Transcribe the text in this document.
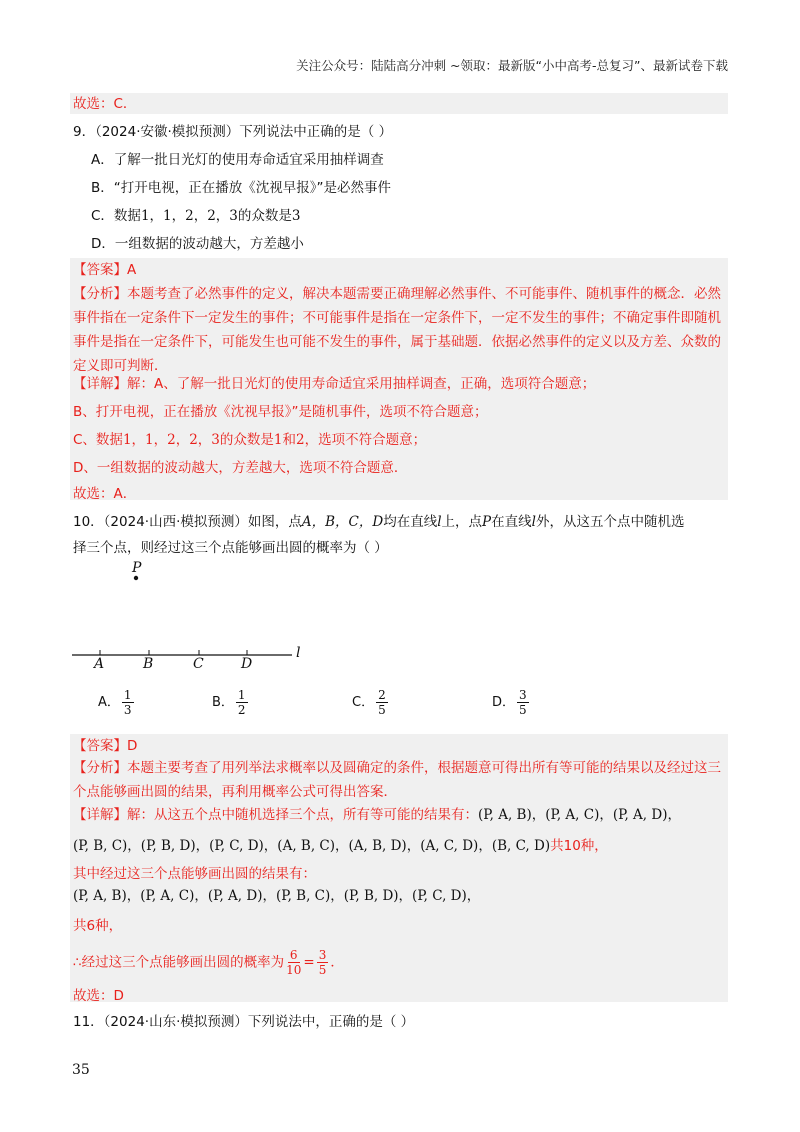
关注公众号：陆陆高分冲刺 ~领取：最新版“小中高考-总复习”、最新试卷下载
故选：C．
9．（2024·安徽·模拟预测）下列说法中正确的是（ ）
A．了解一批日光灯的使用寿命适宜采用抽样调查
B．“打开电视，正在播放《沈视早报》”是必然事件
C．数据1，1，2，2，3的众数是3
D．一组数据的波动越大，方差越小
【答案】A
【分析】本题考查了必然事件的定义，解决本题需要正确理解必然事件、不可能事件、随机事件的概念．必然事件指在一定条件下一定发生的事件；不可能事件是指在一定条件下，一定不发生的事件；不确定事件即随机事件是指在一定条件下，可能发生也可能不发生的事件，属于基础题．依据必然事件的定义以及方差、众数的定义即可判断．
【详解】解：A、了解一批日光灯的使用寿命适宜采用抽样调查，正确，选项符合题意；
B、打开电视，正在播放《沈视早报》”是随机事件，选项不符合题意；
C、数据1，1，2，2，3的众数是1和2，选项不符合题意；
D、一组数据的波动越大，方差越大，选项不符合题意．
故选：A．
10．（2024·山西·模拟预测）如图，点A，B，C，D均在直线l上，点P在直线l外，从这五个点中随机选
择三个点，则经过这三个点能够画出圆的概率为（ ）
P
A	B	C	D
l
A． $\frac{1}{3}$	B． $\frac{1}{2}$	C． $\frac{2}{5}$	D． $\frac{3}{5}$
【答案】D
【分析】本题主要考查了用列举法求概率以及圆确定的条件，根据题意可得出所有等可能的结果以及经过这三个点能够画出圆的结果，再利用概率公式可得出答案．
【详解】解：从这五个点中随机选择三个点，所有等可能的结果有：(P, A, B)，(P, A, C)，(P, A, D)，
(P, B, C)，(P, B, D)，(P, C, D)，(A, B, C)，(A, B, D)，(A, C, D)，(B, C, D)共10种，
其中经过这三个点能够画出圆的结果有：
(P, A, B)，(P, A, C)，(P, A, D)，(P, B, C)，(P, B, D)，(P, C, D)，
共6种，
∴经过这三个点能够画出圆的概率为 $\frac{6}{10} = \frac{3}{5}$ ．
故选：D
11．（2024·山东·模拟预测）下列说法中，正确的是（ ）
35
